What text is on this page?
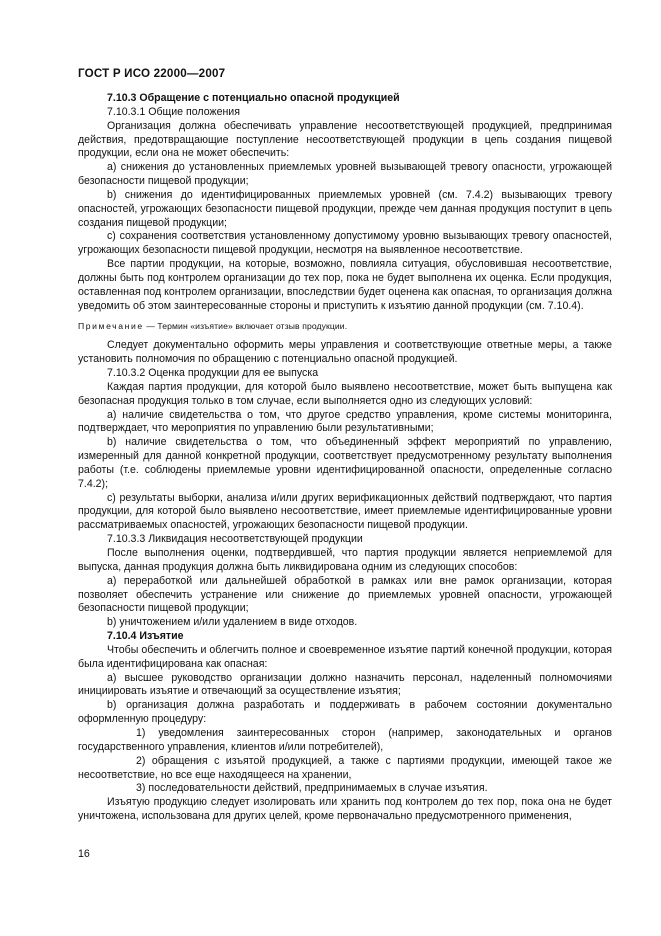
ГОСТ Р ИСО 22000—2007

7.10.3 Обращение с потенциально опасной продукцией

7.10.3.1 Общие положения

Организация должна обеспечивать управление несоответствующей продукцией, предпринимая действия, предотвращающие поступление несоответствующей продукции в цепь создания пищевой продукции, если она не может обеспечить:

a) снижения до установленных приемлемых уровней вызывающей тревогу опасности, угрожающей безопасности пищевой продукции;

b) снижения до идентифицированных приемлемых уровней (см. 7.4.2) вызывающих тревогу опасностей, угрожающих безопасности пищевой продукции, прежде чем данная продукция поступит в цепь создания пищевой продукции;

c) сохранения соответствия установленному допустимому уровню вызывающих тревогу опасностей, угрожающих безопасности пищевой продукции, несмотря на выявленное несоответствие.

Все партии продукции, на которые, возможно, повлияла ситуация, обусловившая несоответствие, должны быть под контролем организации до тех пор, пока не будет выполнена их оценка. Если продукция, оставленная под контролем организации, впоследствии будет оценена как опасная, то организация должна уведомить об этом заинтересованные стороны и приступить к изъятию данной продукции (см. 7.10.4).

Примечание — Термин «изъятие» включает отзыв продукции.

Следует документально оформить меры управления и соответствующие ответные меры, а также установить полномочия по обращению с потенциально опасной продукцией.

7.10.3.2 Оценка продукции для ее выпуска

Каждая партия продукции, для которой было выявлено несоответствие, может быть выпущена как безопасная продукция только в том случае, если выполняется одно из следующих условий:

a) наличие свидетельства о том, что другое средство управления, кроме системы мониторинга, подтверждает, что мероприятия по управлению были результативными;

b) наличие свидетельства о том, что объединенный эффект мероприятий по управлению, измеренный для данной конкретной продукции, соответствует предусмотренному результату выполнения работы (т.е. соблюдены приемлемые уровни идентифицированной опасности, определенные согласно 7.4.2);

c) результаты выборки, анализа и/или других верификационных действий подтверждают, что партия продукции, для которой было выявлено несоответствие, имеет приемлемые идентифицированные уровни рассматриваемых опасностей, угрожающих безопасности пищевой продукции.

7.10.3.3 Ликвидация несоответствующей продукции

После выполнения оценки, подтвердившей, что партия продукции является неприемлемой для выпуска, данная продукция должна быть ликвидирована одним из следующих способов:

a) переработкой или дальнейшей обработкой в рамках или вне рамок организации, которая позволяет обеспечить устранение или снижение до приемлемых уровней опасности, угрожающей безопасности пищевой продукции;

b) уничтожением и/или удалением в виде отходов.

7.10.4 Изъятие

Чтобы обеспечить и облегчить полное и своевременное изъятие партий конечной продукции, которая была идентифицирована как опасная:

a) высшее руководство организации должно назначить персонал, наделенный полномочиями инициировать изъятие и отвечающий за осуществление изъятия;

b) организация должна разработать и поддерживать в рабочем состоянии документально оформленную процедуру:

1) уведомления заинтересованных сторон (например, законодательных и органов государственного управления, клиентов и/или потребителей),

2) обращения с изъятой продукцией, а также с партиями продукции, имеющей такое же несоответствие, но все еще находящееся на хранении,

3) последовательности действий, предпринимаемых в случае изъятия.

Изъятую продукцию следует изолировать или хранить под контролем до тех пор, пока она не будет уничтожена, использована для других целей, кроме первоначально предусмотренного применения,

16
